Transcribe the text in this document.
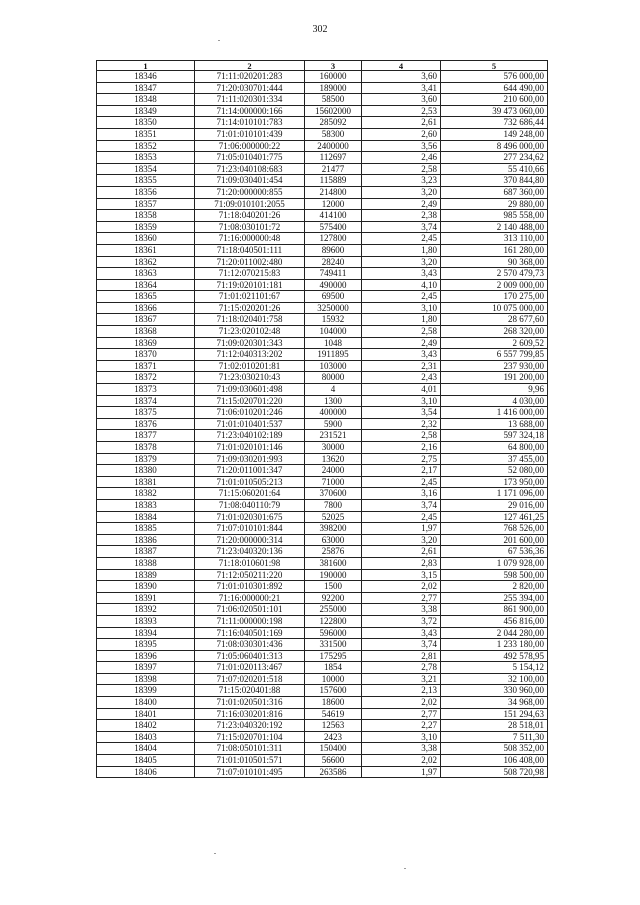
302
1	2	3	4	5
18346	71:11:020201:283	160000	3,60	576 000,00
18347	71:20:030701:444	189000	3,41	644 490,00
18348	71:11:020301:334	58500	3,60	210 600,00
18349	71:14:000000:166	15602000	2,53	39 473 060,00
18350	71:14:010101:783	285092	2,61	732 686,44
18351	71:01:010101:439	58300	2,60	149 248,00
18352	71:06:000000:22	2400000	3,56	8 496 000,00
18353	71:05:010401:775	112697	2,46	277 234,62
18354	71:23:040108:683	21477	2,58	55 410,66
18355	71:09:030401:454	115889	3,23	370 844,80
18356	71:20:000000:855	214800	3,20	687 360,00
18357	71:09:010101:2055	12000	2,49	29 880,00
18358	71:18:040201:26	414100	2,38	985 558,00
18359	71:08:030101:72	575400	3,74	2 140 488,00
18360	71:16:000000:48	127800	2,45	313 110,00
18361	71:18:040501:111	89600	1,80	161 280,00
18362	71:20:011002:480	28240	3,20	90 368,00
18363	71:12:070215:83	749411	3,43	2 570 479,73
18364	71:19:020101:181	490000	4,10	2 009 000,00
18365	71:01:021101:67	69500	2,45	170 275,00
18366	71:15:020201:26	3250000	3,10	10 075 000,00
18367	71:18:020401:758	15932	1,80	28 677,60
18368	71:23:020102:48	104000	2,58	268 320,00
18369	71:09:020301:343	1048	2,49	2 609,52
18370	71:12:040313:202	1911895	3,43	6 557 799,85
18371	71:02:010201:81	103000	2,31	237 930,00
18372	71:23:030210:43	80000	2,43	191 200,00
18373	71:09:030601:498	4	4,01	9,96
18374	71:15:020701:220	1300	3,10	4 030,00
18375	71:06:010201:246	400000	3,54	1 416 000,00
18376	71:01:010401:537	5900	2,32	13 688,00
18377	71:23:040102:189	231521	2,58	597 324,18
18378	71:01:020101:146	30000	2,16	64 800,00
18379	71:09:030201:993	13620	2,75	37 455,00
18380	71:20:011001:347	24000	2,17	52 080,00
18381	71:01:010505:213	71000	2,45	173 950,00
18382	71:15:060201:64	370600	3,16	1 171 096,00
18383	71:08:040110:79	7800	3,74	29 016,00
18384	71:01:020301:675	52025	2,45	127 461,25
18385	71:07:010101:844	398200	1,97	768 526,00
18386	71:20:000000:314	63000	3,20	201 600,00
18387	71:23:040320:136	25876	2,61	67 536,36
18388	71:18:010601:98	381600	2,83	1 079 928,00
18389	71:12:050211:220	190000	3,15	598 500,00
18390	71:01:010301:892	1500	2,02	2 820,00
18391	71:16:000000:21	92200	2,77	255 394,00
18392	71:06:020501:101	255000	3,38	861 900,00
18393	71:11:000000:198	122800	3,72	456 816,00
18394	71:16:040501:169	596000	3,43	2 044 280,00
18395	71:08:030301:436	331500	3,74	1 233 180,00
18396	71:05:060401:313	175295	2,81	492 578,95
18397	71:01:020113:467	1854	2,78	5 154,12
18398	71:07:020201:518	10000	3,21	32 100,00
18399	71:15:020401:88	157600	2,13	330 960,00
18400	71:01:020501:316	18600	2,02	34 968,00
18401	71:16:030201:816	54619	2,77	151 294,63
18402	71:23:040320:192	12563	2,27	28 518,01
18403	71:15:020701:104	2423	3,10	7 511,30
18404	71:08:050101:311	150400	3,38	508 352,00
18405	71:01:010501:571	56600	2,02	106 408,00
18406	71:07:010101:495	263586	1,97	508 720,98
